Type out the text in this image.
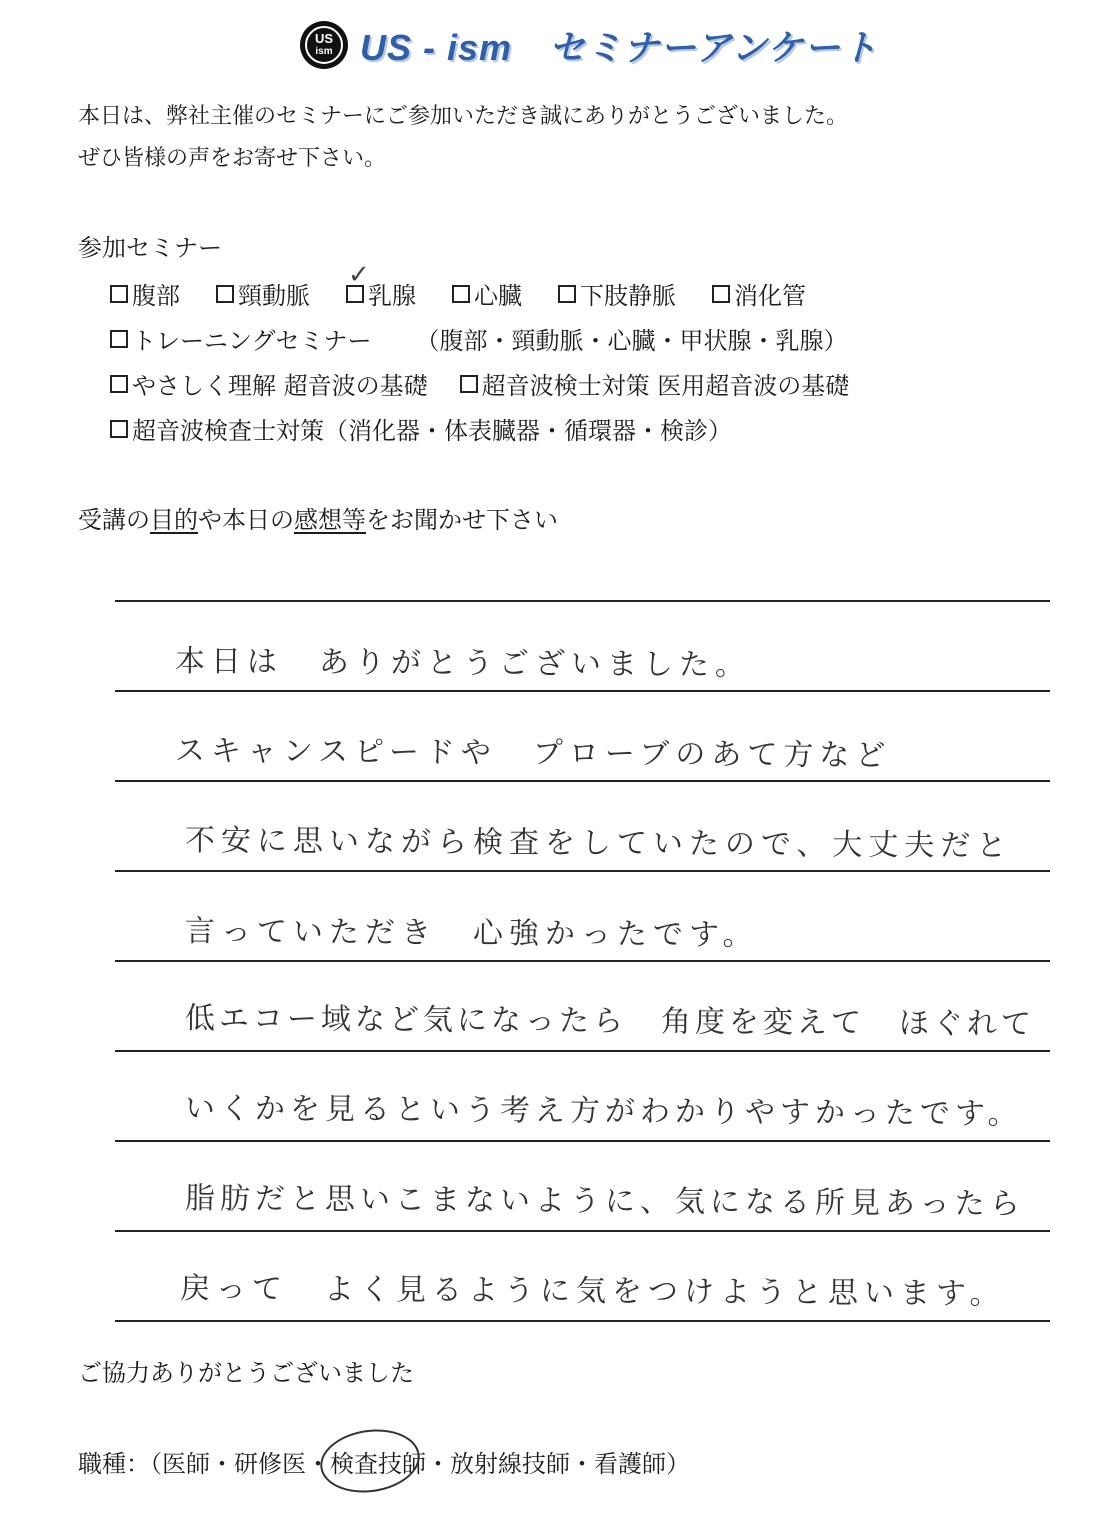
US
ism US - ism　セミナーアンケート
本日は、弊社主催のセミナーにご参加いただき誠にありがとうございました。
ぜひ皆様の声をお寄せ下さい。
参加セミナー
腹部 頸動脈
✓
乳腺 心臓 下肢静脈 消化管
トレーニングセミナー （腹部・頸動脈・心臓・甲状腺・乳腺）
やさしく理解 超音波の基礎 超音波検士対策 医用超音波の基礎
超音波検査士対策（消化器・体表臓器・循環器・検診）
受講の目的や本日の感想等をお聞かせ下さい
本日は　ありがとうございました。
スキャンスピードや　プローブのあて方など
不安に思いながら検査をしていたので、大丈夫だと
言っていただき　心強かったです。
低エコー域など気になったら　角度を変えて　ほぐれて
いくかを見るという考え方がわかりやすかったです。
脂肪だと思いこまないように、気になる所見あったら
戻って　よく見るように気をつけようと思います。
ご協力ありがとうございました
職種：（医師・研修医・検査技師・放射線技師・看護師）
